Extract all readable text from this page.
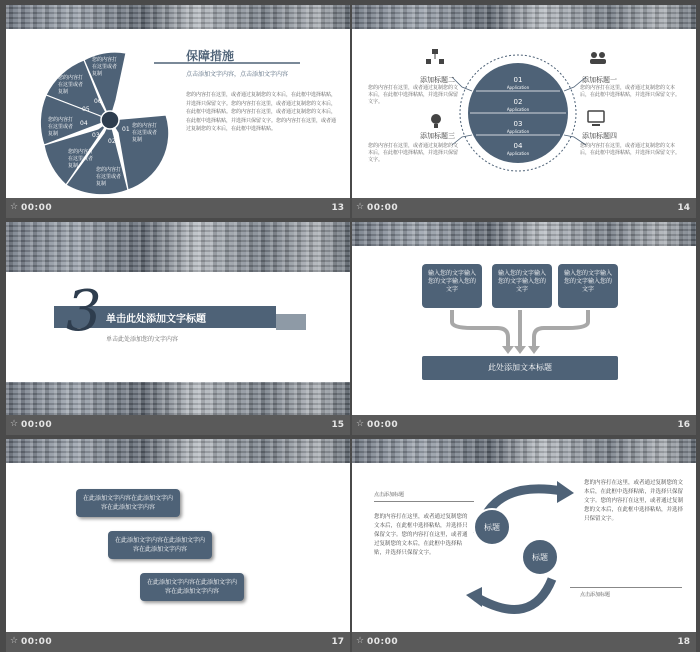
06
05
04
03
02
01
您的内容打在这里或者复制
您的内容打在这里或者复制
您的内容打在这里或者复制
您的内容打在这里或者复制
您的内容打在这里或者复制
您的内容打在这里或者复制
保障措施
点击添加文字内容，点击添加文字内容
您的内容打在这里，或者通过复制您的文本后，在此框中选择粘贴，并选择只保留文字。您的内容打在这里，或者通过复制您的文本后，在此框中选择粘贴。您的内容打在这里，或者通过复制您的文本后，在此框中选择粘贴，并选择只保留文字。您的内容打在这里，或者通过复制您的文本后，在此框中选择粘贴。
☆ 00:00	13
01
Application
02
Application
03
Application
04
Application
添加标题二
您的内容打在这里，或者通过复制您的文本后，在此框中选择粘贴，并选择只保留文字。
添加标题一
您的内容打在这里，或者通过复制您的文本后，在此框中选择粘贴，并选择只保留文字。
添加标题三
您的内容打在这里，或者通过复制您的文本后，在此框中选择粘贴，并选择只保留文字。
添加标题四
您的内容打在这里，或者通过复制您的文本后，在此框中选择粘贴，并选择只保留文字。
☆ 00:00	14
3 单击此处添加文字标题
单击此处添加您的文字内容
☆ 00:00	15
输入您的文字输入您的文字输入您的文字
输入您的文字输入您的文字输入您的文字
输入您的文字输入您的文字输入您的文字
此处添加文本标题
☆ 00:00	16
在此添加文字内容在此添加文字内容在此添加文字内容
在此添加文字内容在此添加文字内容在此添加文字内容
在此添加文字内容在此添加文字内容在此添加文字内容
☆ 00:00	17
点击添加标题
您的内容打在这里，或者通过复制您的文本后，在此框中选择粘贴，并选择只保留文字。您的内容打在这里，或者通过复制您的文本后，在此框中选择粘贴，并选择只保留文字。
标题
标题
您的内容打在这里，或者通过复制您的文本后，在此框中选择粘贴，并选择只保留文字。您的内容打在这里，或者通过复制您的文本后，在此框中选择粘贴，并选择只保留文字。
点击添加标题
☆ 00:00	18
